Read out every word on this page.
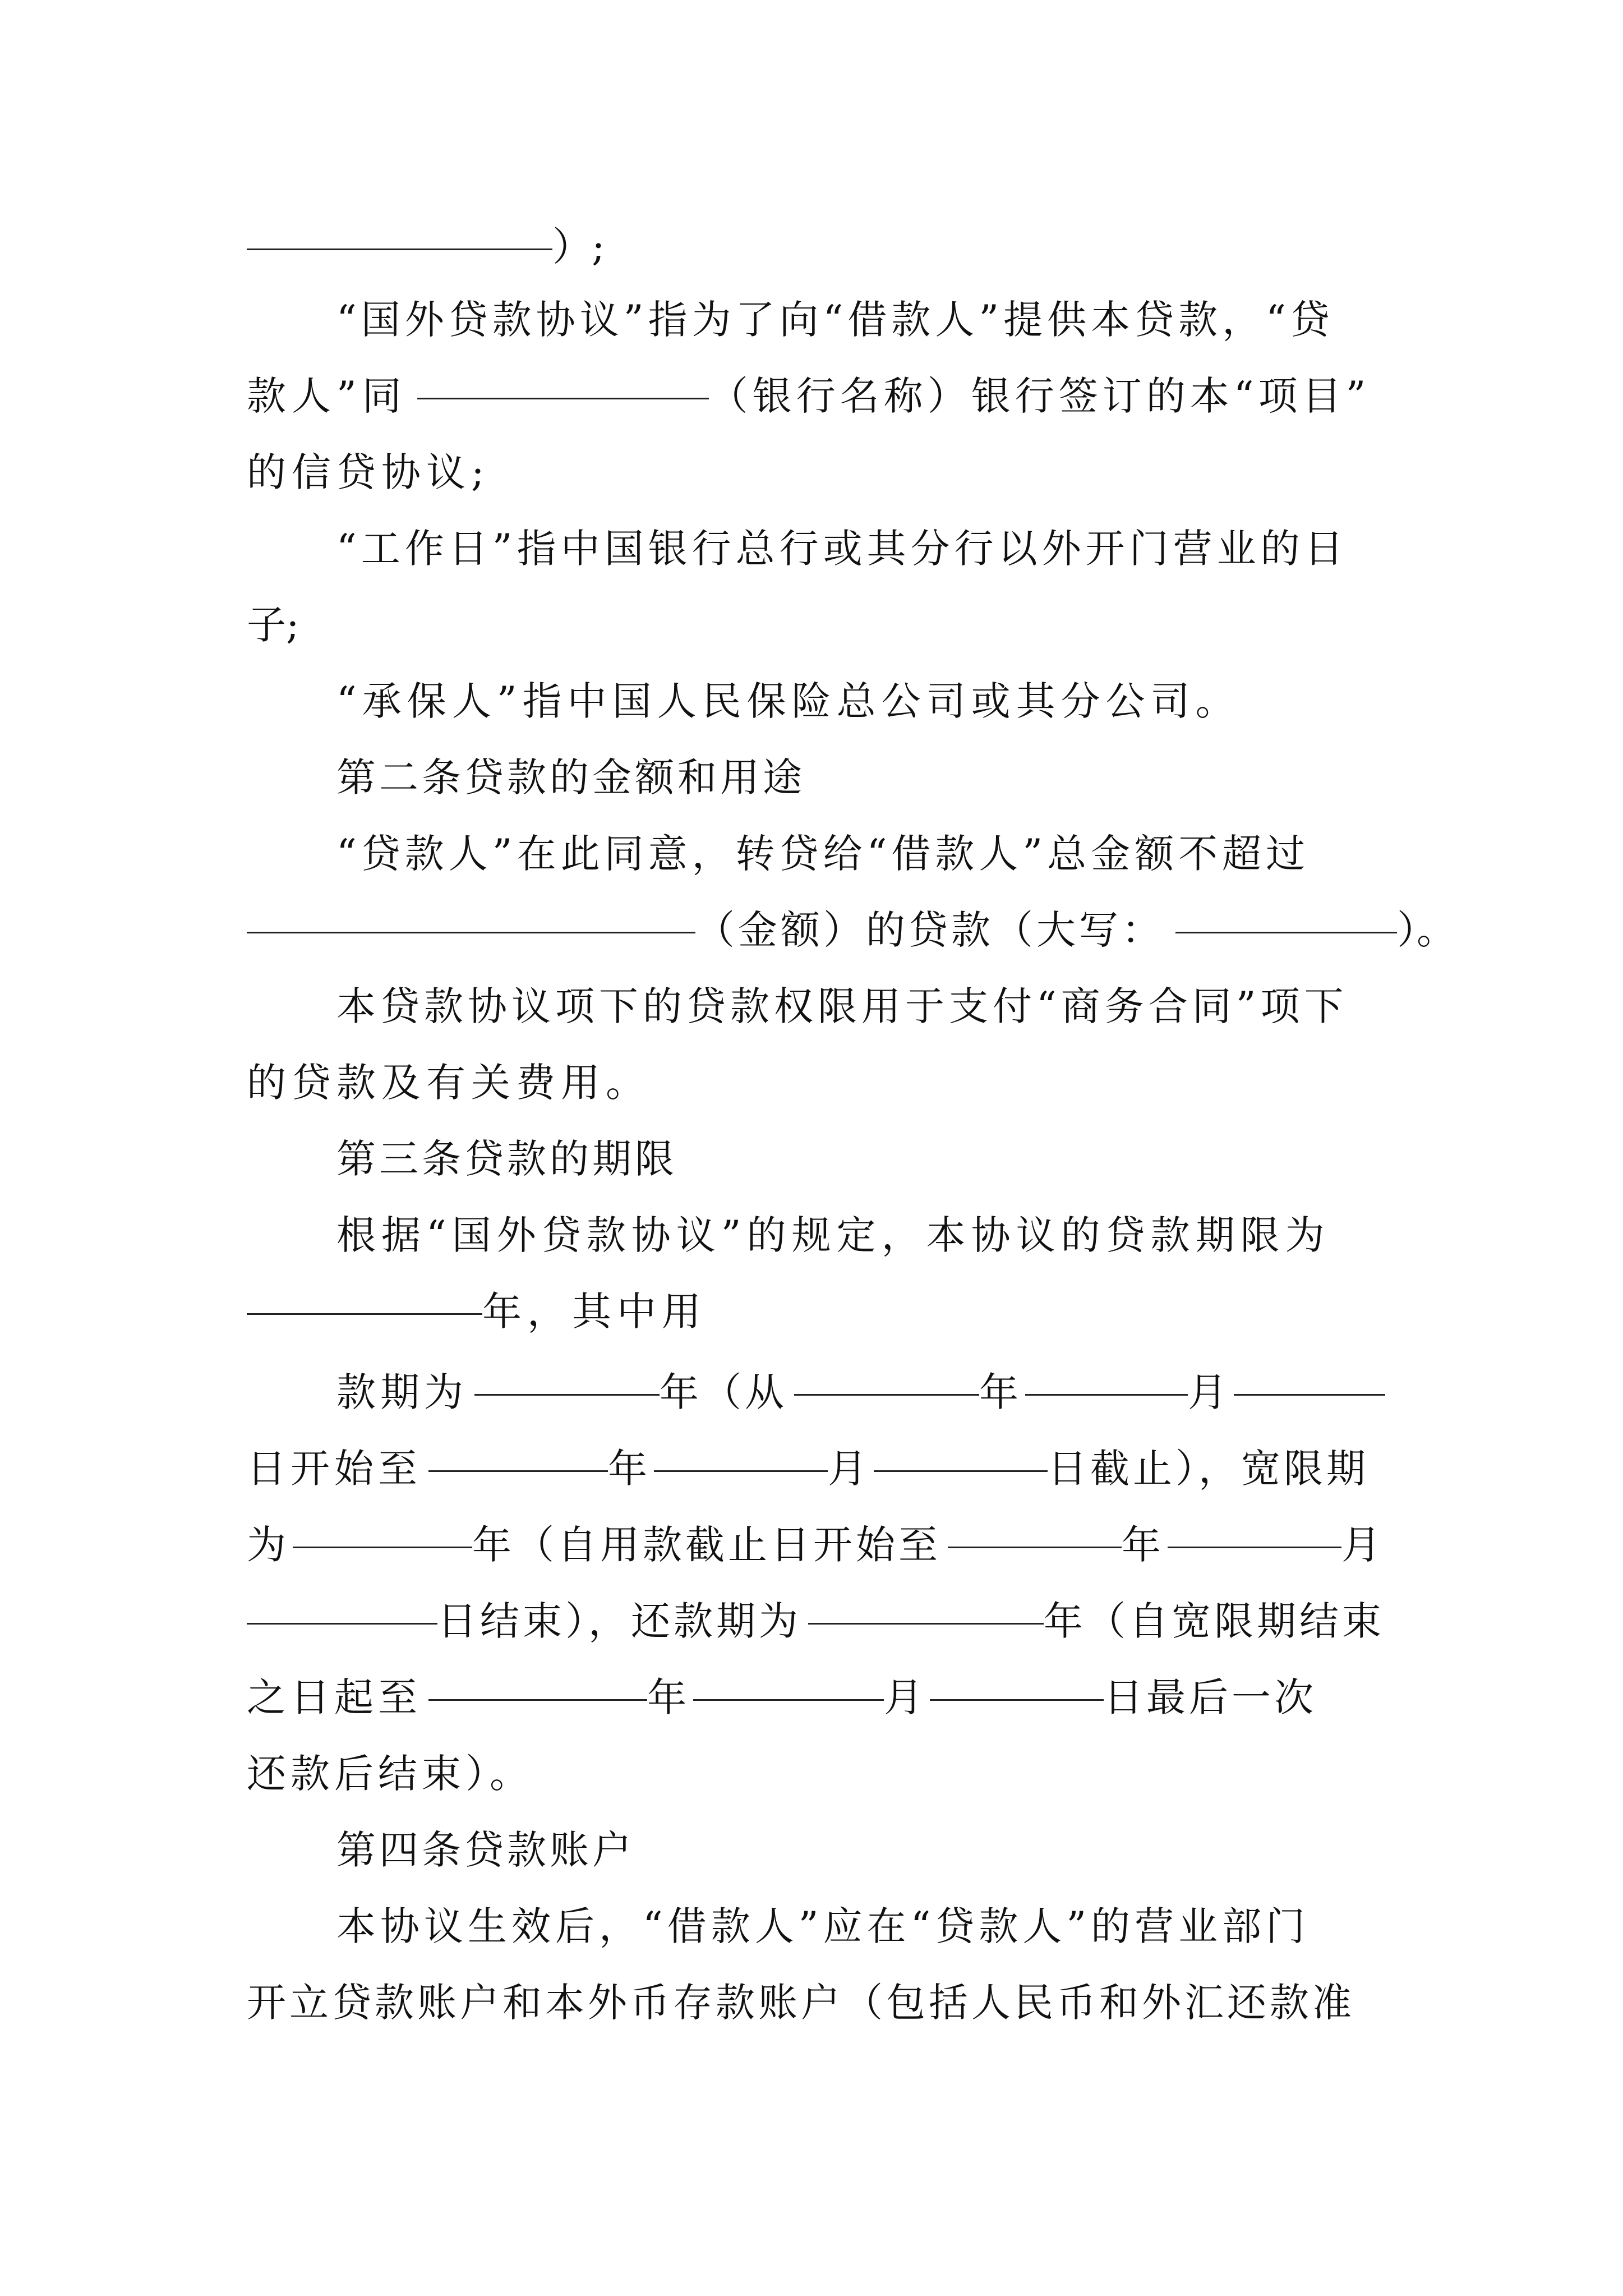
）;
“国外贷款协议”指为了向“借款人”提供本贷款，“贷
款人”同	（银行名称）银行签订的本“项目”
的信贷协议;
“工作日”指中国银行总行或其分行以外开门营业的日
子;
“承保人”指中国人民保险总公司或其分公司。
第二条贷款的金额和用途
“贷款人”在此同意，转贷给“借款人”总金额不超过
（金额）的贷款（大写：	）。
本贷款协议项下的贷款权限用于支付“商务合同”项下
的贷款及有关费用。
第三条贷款的期限
根据“国外贷款协议”的规定，本协议的贷款期限为
年，其中用
款期为	年（从	年	月
日开始至	年	月	日截止），宽限期
为	年（自用款截止日开始至	年	月
日结束），还款期为	年（自宽限期结束
之日起至	年	月	日最后一次
还款后结束）。
第四条贷款账户
本协议生效后，“借款人”应在“贷款人”的营业部门
开立贷款账户和本外币存款账户（包括人民币和外汇还款准
